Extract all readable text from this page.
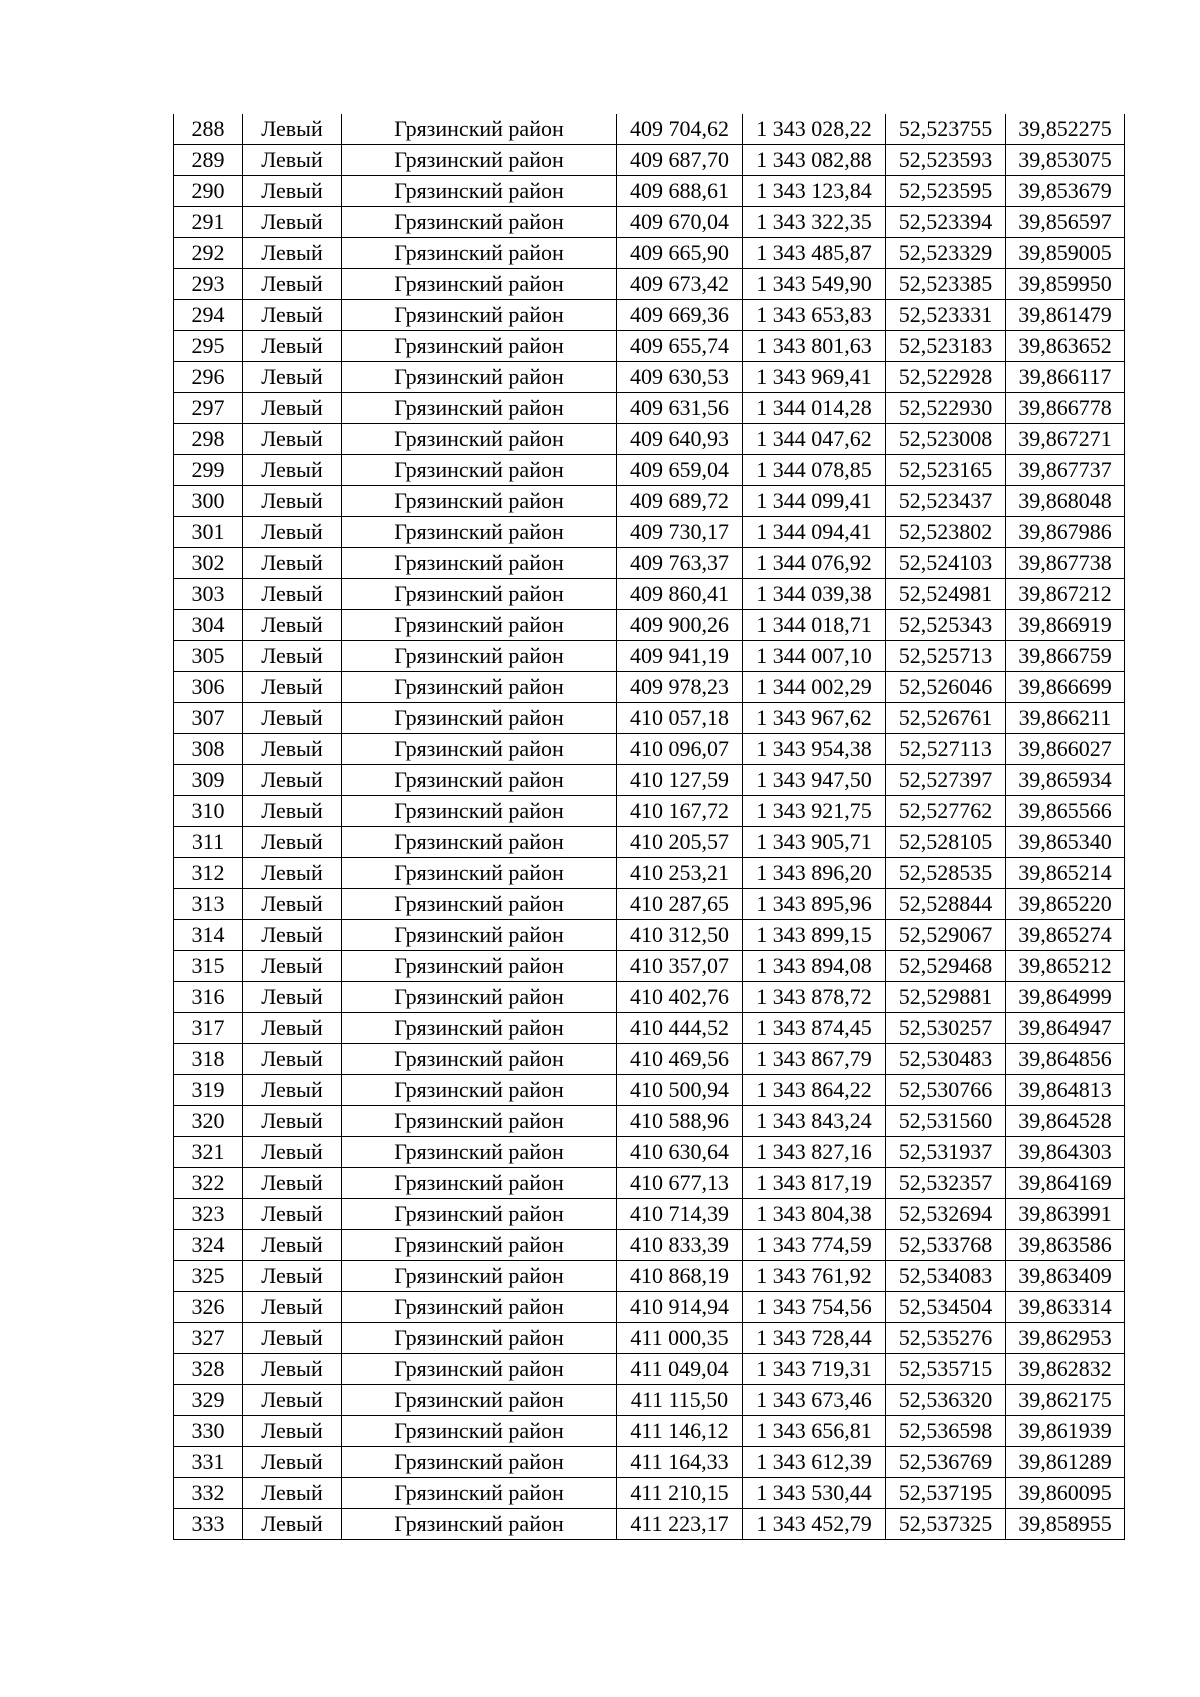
288	Левый	Грязинский район	409 704,62	1 343 028,22	52,523755	39,852275
289	Левый	Грязинский район	409 687,70	1 343 082,88	52,523593	39,853075
290	Левый	Грязинский район	409 688,61	1 343 123,84	52,523595	39,853679
291	Левый	Грязинский район	409 670,04	1 343 322,35	52,523394	39,856597
292	Левый	Грязинский район	409 665,90	1 343 485,87	52,523329	39,859005
293	Левый	Грязинский район	409 673,42	1 343 549,90	52,523385	39,859950
294	Левый	Грязинский район	409 669,36	1 343 653,83	52,523331	39,861479
295	Левый	Грязинский район	409 655,74	1 343 801,63	52,523183	39,863652
296	Левый	Грязинский район	409 630,53	1 343 969,41	52,522928	39,866117
297	Левый	Грязинский район	409 631,56	1 344 014,28	52,522930	39,866778
298	Левый	Грязинский район	409 640,93	1 344 047,62	52,523008	39,867271
299	Левый	Грязинский район	409 659,04	1 344 078,85	52,523165	39,867737
300	Левый	Грязинский район	409 689,72	1 344 099,41	52,523437	39,868048
301	Левый	Грязинский район	409 730,17	1 344 094,41	52,523802	39,867986
302	Левый	Грязинский район	409 763,37	1 344 076,92	52,524103	39,867738
303	Левый	Грязинский район	409 860,41	1 344 039,38	52,524981	39,867212
304	Левый	Грязинский район	409 900,26	1 344 018,71	52,525343	39,866919
305	Левый	Грязинский район	409 941,19	1 344 007,10	52,525713	39,866759
306	Левый	Грязинский район	409 978,23	1 344 002,29	52,526046	39,866699
307	Левый	Грязинский район	410 057,18	1 343 967,62	52,526761	39,866211
308	Левый	Грязинский район	410 096,07	1 343 954,38	52,527113	39,866027
309	Левый	Грязинский район	410 127,59	1 343 947,50	52,527397	39,865934
310	Левый	Грязинский район	410 167,72	1 343 921,75	52,527762	39,865566
311	Левый	Грязинский район	410 205,57	1 343 905,71	52,528105	39,865340
312	Левый	Грязинский район	410 253,21	1 343 896,20	52,528535	39,865214
313	Левый	Грязинский район	410 287,65	1 343 895,96	52,528844	39,865220
314	Левый	Грязинский район	410 312,50	1 343 899,15	52,529067	39,865274
315	Левый	Грязинский район	410 357,07	1 343 894,08	52,529468	39,865212
316	Левый	Грязинский район	410 402,76	1 343 878,72	52,529881	39,864999
317	Левый	Грязинский район	410 444,52	1 343 874,45	52,530257	39,864947
318	Левый	Грязинский район	410 469,56	1 343 867,79	52,530483	39,864856
319	Левый	Грязинский район	410 500,94	1 343 864,22	52,530766	39,864813
320	Левый	Грязинский район	410 588,96	1 343 843,24	52,531560	39,864528
321	Левый	Грязинский район	410 630,64	1 343 827,16	52,531937	39,864303
322	Левый	Грязинский район	410 677,13	1 343 817,19	52,532357	39,864169
323	Левый	Грязинский район	410 714,39	1 343 804,38	52,532694	39,863991
324	Левый	Грязинский район	410 833,39	1 343 774,59	52,533768	39,863586
325	Левый	Грязинский район	410 868,19	1 343 761,92	52,534083	39,863409
326	Левый	Грязинский район	410 914,94	1 343 754,56	52,534504	39,863314
327	Левый	Грязинский район	411 000,35	1 343 728,44	52,535276	39,862953
328	Левый	Грязинский район	411 049,04	1 343 719,31	52,535715	39,862832
329	Левый	Грязинский район	411 115,50	1 343 673,46	52,536320	39,862175
330	Левый	Грязинский район	411 146,12	1 343 656,81	52,536598	39,861939
331	Левый	Грязинский район	411 164,33	1 343 612,39	52,536769	39,861289
332	Левый	Грязинский район	411 210,15	1 343 530,44	52,537195	39,860095
333	Левый	Грязинский район	411 223,17	1 343 452,79	52,537325	39,858955
